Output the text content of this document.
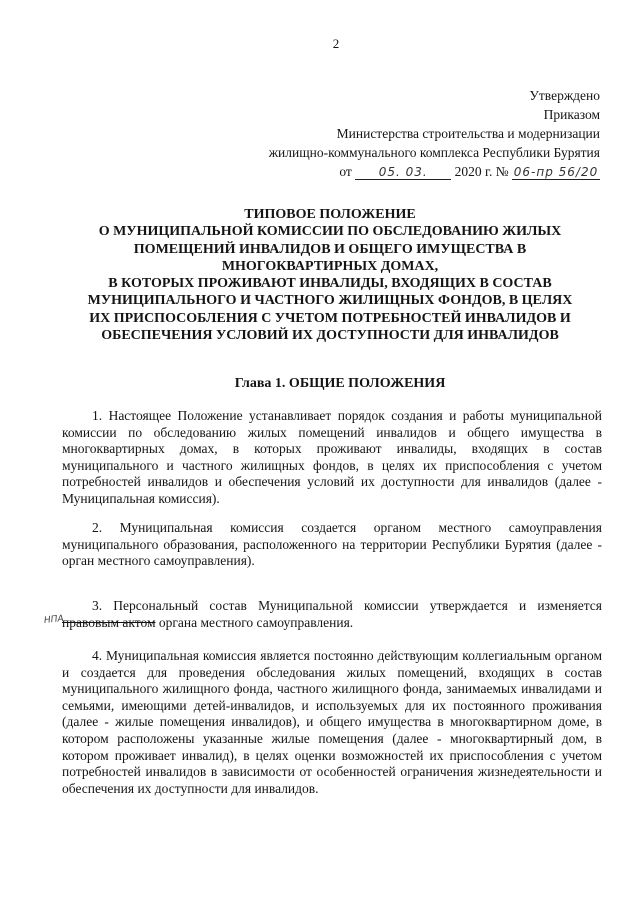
2
Утверждено
Приказом
Министерства строительства и модернизации
жилищно-коммунального комплекса Республики Бурятия
от 05. 03. 2020 г. № 06-пр 56/20
ТИПОВОЕ ПОЛОЖЕНИЕ
О МУНИЦИПАЛЬНОЙ КОМИССИИ ПО ОБСЛЕДОВАНИЮ ЖИЛЫХ
ПОМЕЩЕНИЙ ИНВАЛИДОВ И ОБЩЕГО ИМУЩЕСТВА В
МНОГОКВАРТИРНЫХ ДОМАХ,
В КОТОРЫХ ПРОЖИВАЮТ ИНВАЛИДЫ, ВХОДЯЩИХ В СОСТАВ
МУНИЦИПАЛЬНОГО И ЧАСТНОГО ЖИЛИЩНЫХ ФОНДОВ, В ЦЕЛЯХ
ИХ ПРИСПОСОБЛЕНИЯ С УЧЕТОМ ПОТРЕБНОСТЕЙ ИНВАЛИДОВ И
ОБЕСПЕЧЕНИЯ УСЛОВИЙ ИХ ДОСТУПНОСТИ ДЛЯ ИНВАЛИДОВ
Глава 1. ОБЩИЕ ПОЛОЖЕНИЯ

1. Настоящее Положение устанавливает порядок создания и работы муниципальной комиссии по обследованию жилых помещений инвалидов и общего имущества в многоквартирных домах, в которых проживают инвалиды, входящих в состав муниципального и частного жилищных фондов, в целях их приспособления с учетом потребностей инвалидов и обеспечения условий их доступности для инвалидов (далее - Муниципальная комиссия).

2. Муниципальная комиссия создается органом местного самоуправления муниципального образования, расположенного на территории Республики Бурятия (далее - орган местного самоуправления).

3. Персональный состав Муниципальной комиссии утверждается и изменяется правовым актом органа местного самоуправления.

НПА

4. Муниципальная комиссия является постоянно действующим коллегиальным органом и создается для проведения обследования жилых помещений, входящих в состав муниципального жилищного фонда, частного жилищного фонда, занимаемых инвалидами и семьями, имеющими детей-инвалидов, и используемых для их постоянного проживания (далее - жилые помещения инвалидов), и общего имущества в многоквартирном доме, в котором расположены указанные жилые помещения (далее - многоквартирный дом, в котором проживает инвалид), в целях оценки возможностей их приспособления с учетом потребностей инвалидов в зависимости от особенностей ограничения жизнедеятельности и обеспечения их доступности для инвалидов.
